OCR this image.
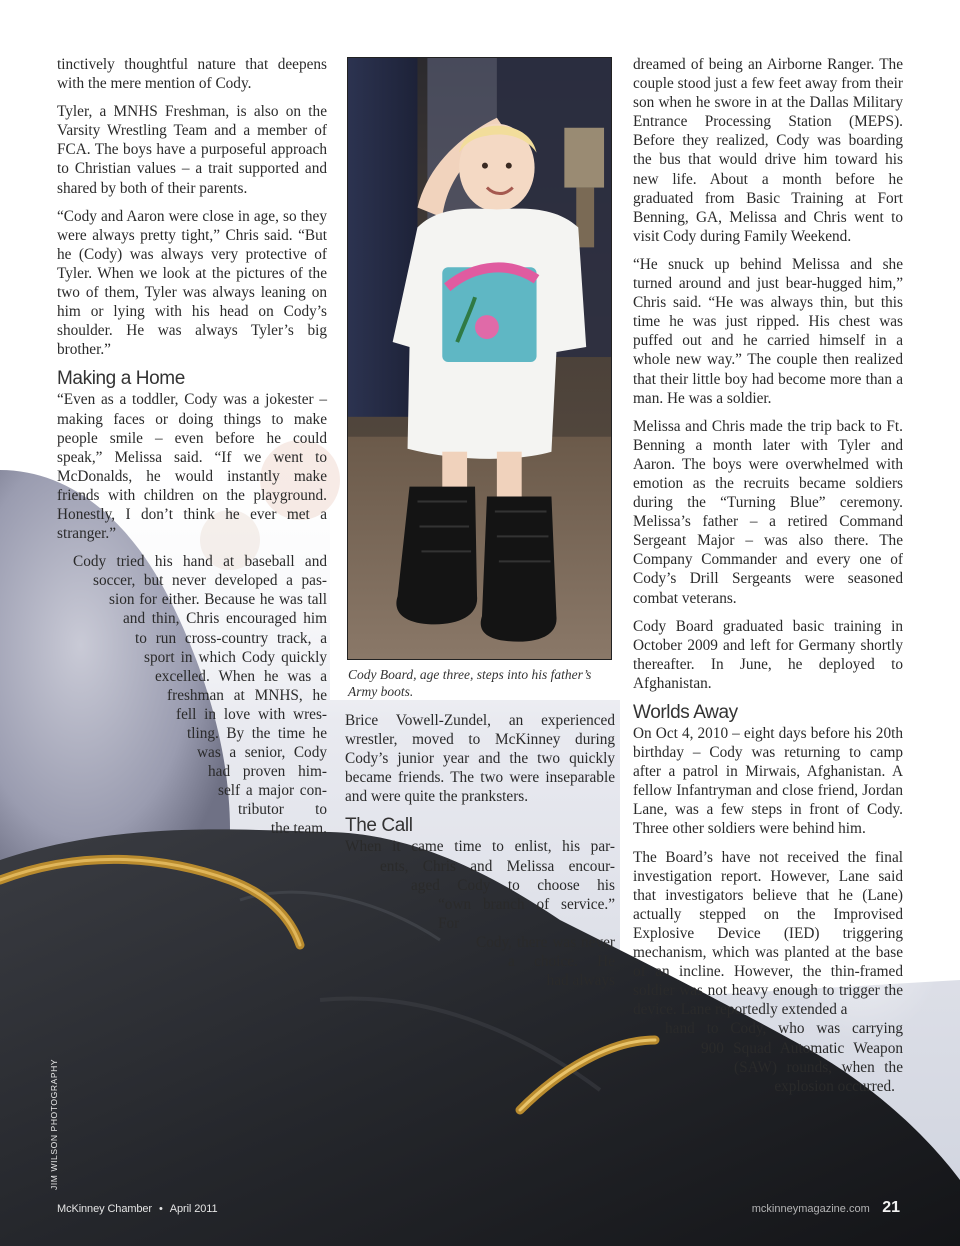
tinctively thoughtful nature that deepens with the mere mention of Cody.

Tyler, a MNHS Freshman, is also on the Varsity Wrestling Team and a member of FCA. The boys have a purposeful approach to Christian values – a trait supported and shared by both of their parents.

“Cody and Aaron were close in age, so they were always pretty tight,” Chris said. “But he (Cody) was always very protective of Tyler. When we look at the pictures of the two of them, Tyler was always leaning on him or lying with his head on Cody’s shoulder. He was always Tyler’s big brother.”

Making a Home

“Even as a toddler, Cody was a jokester – making faces or doing things to make people smile – even before he could speak,” Melissa said. “If we went to McDonalds, he would instantly make friends with children on the playground. Honestly, I don’t think he ever met a stranger.”

Cody tried his hand at baseball and
soccer, but never developed a pas-
sion for either. Because he was tall
and thin, Chris encouraged him
to run cross-country track, a
sport in which Cody quickly
excelled. When he was a
freshman at MNHS, he
fell in love with wres-
tling. By the time he
was a senior, Cody
had proven him-
self a major con-
tributor to
the team.
Cody Board, age three, steps into his father’s Army boots.

Brice Vowell-Zundel, an experienced wrestler, moved to McKinney during Cody’s junior year and the two quickly became friends. The two were inseparable and were quite the pranksters.

The Call
When it came time to enlist, his par-
ents, Chris and Melissa encour-
aged Cody to choose his
“own branch of service.” For
Cody, there was never
a choice. He
had always

dreamed of being an Airborne Ranger. The couple stood just a few feet away from their son when he swore in at the Dallas Military Entrance Processing Station (MEPS). Before they realized, Cody was boarding the bus that would drive him toward his new life. About a month before he graduated from Basic Training at Fort Benning, GA, Melissa and Chris went to visit Cody during Family Weekend.

“He snuck up behind Melissa and she turned around and just bear-hugged him,” Chris said. “He was always thin, but this time he was just ripped. His chest was puffed out and he carried himself in a whole new way.” The couple then realized that their little boy had become more than a man. He was a soldier.

Melissa and Chris made the trip back to Ft. Benning a month later with Tyler and Aaron. The boys were overwhelmed with emotion as the recruits became soldiers during the “Turning Blue” ceremony. Melissa’s father – a retired Command Sergeant Major – was also there. The Company Commander and every one of Cody’s Drill Sergeants were seasoned combat veterans.

Cody Board graduated basic training in October 2009 and left for Germany shortly thereafter. In June, he deployed to Afghanistan.

Worlds Away

On Oct 4, 2010 – eight days before his 20th birthday – Cody was returning to camp after a patrol in Mirwais, Afghanistan. A fellow Infantryman and close friend, Jordan Lane, was a few steps in front of Cody. Three other soldiers were behind him.

The Board’s have not received the final investigation report. However, Lane said that investigators believe that he (Lane) actually stepped on the Improvised Explosive Device (IED) triggering mechanism, which was planted at the base of an incline. However, the thin-framed soldier was not heavy enough to trigger the device. Lane reportedly extended a

hand to Cody, who was carrying
900 Squad Automatic Weapon
(SAW) rounds, when the
explosion occurred.
JIM WILSON PHOTOGRAPHY
McKinney Chamber • April 2011	mckinneymagazine.com 21
